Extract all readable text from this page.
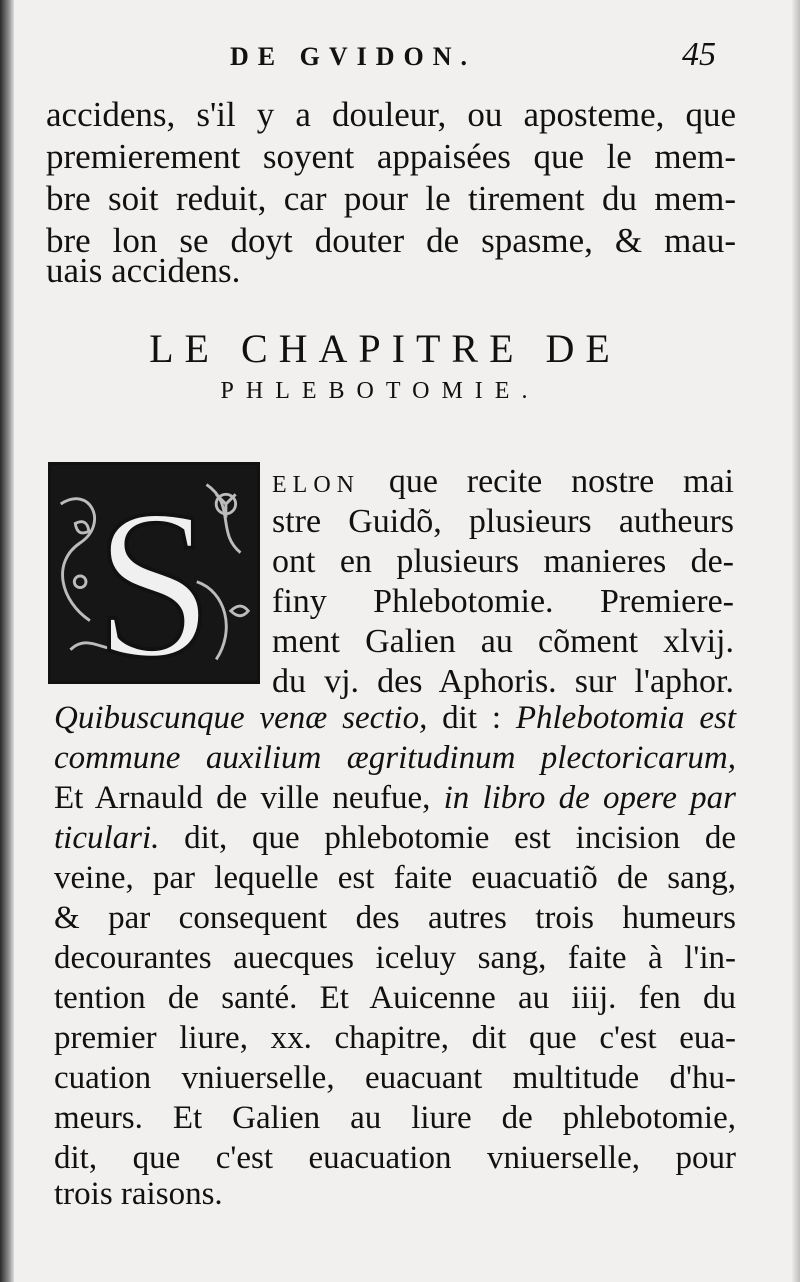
DE GVIDON.	45
accidens, s'il y a douleur, ou aposteme, que
premierement soyent appaisées que le mem-
bre soit reduit, car pour le tirement du mem-
bre lon se doyt douter de spasme, & mau-
uais accidens.
LE CHAPITRE DE
PHLEBOTOMIE.
S ELON que recite nostre mai
stre Guidõ, plusieurs autheurs
ont en plusieurs manieres de-
finy Phlebotomie. Premiere-
ment Galien au cõment xlvij.
du vj. des Aphoris. sur l'aphor.
Quibuscunque venæ sectio, dit : Phlebotomia est
commune auxilium ægritudinum plectoricarum,
Et Arnauld de ville neufue, in libro de opere par
ticulari. dit, que phlebotomie est incision de
veine, par lequelle est faite euacuatiõ de sang,
& par consequent des autres trois humeurs
decourantes auecques iceluy sang, faite à l'in-
tention de santé. Et Auicenne au iiij. fen du
premier liure, xx. chapitre, dit que c'est eua-
cuation vniuerselle, euacuant multitude d'hu-
meurs. Et Galien au liure de phlebotomie,
dit, que c'est euacuation vniuerselle, pour
trois raisons.
